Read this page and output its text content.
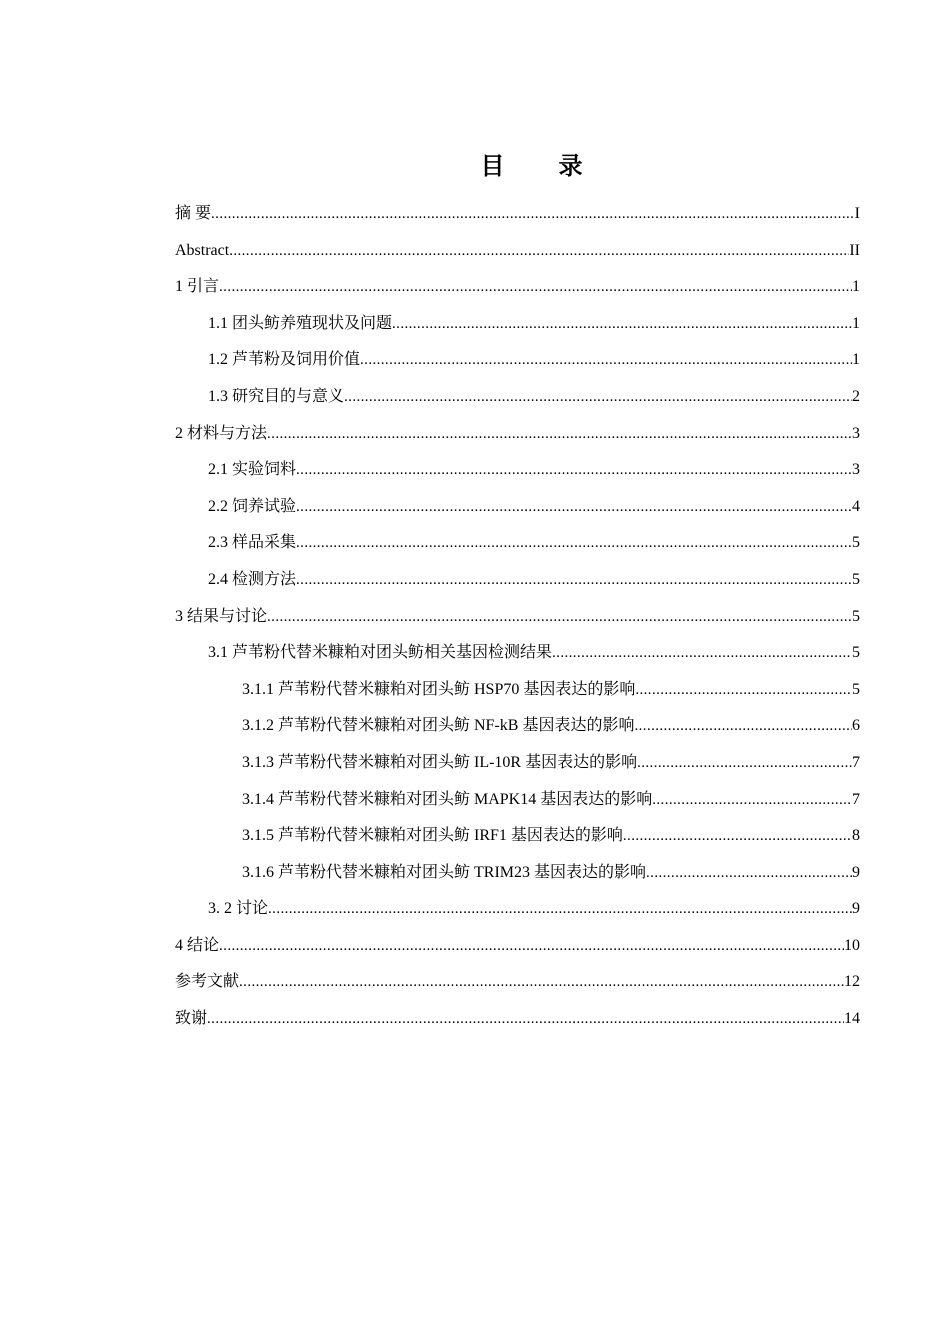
目　　录
摘 要 .....	I
Abstract .....	II
1 引言 .....	1
1.1 团头鲂养殖现状及问题 .....	1
1.2 芦苇粉及饲用价值 .....	1
1.3 研究目的与意义 .....	2
2 材料与方法 .....	3
2.1 实验饲料 .....	3
2.2 饲养试验 .....	4
2.3 样品采集 .....	5
2.4 检测方法 .....	5
3 结果与讨论 .....	5
3.1 芦苇粉代替米糠粕对团头鲂相关基因检测结果 .....	5
3.1.1 芦苇粉代替米糠粕对团头鲂 HSP70 基因表达的影响 .....	5
3.1.2 芦苇粉代替米糠粕对团头鲂 NF-kB 基因表达的影响 .....	6
3.1.3 芦苇粉代替米糠粕对团头鲂 IL-10R 基因表达的影响 .....	7
3.1.4 芦苇粉代替米糠粕对团头鲂 MAPK14 基因表达的影响 .....	7
3.1.5 芦苇粉代替米糠粕对团头鲂 IRF1 基因表达的影响 .....	8
3.1.6 芦苇粉代替米糠粕对团头鲂 TRIM23 基因表达的影响 .....	9
3. 2 讨论 .....	9
4 结论 .....	10
参考文献 .....	12
致谢 .....	14
